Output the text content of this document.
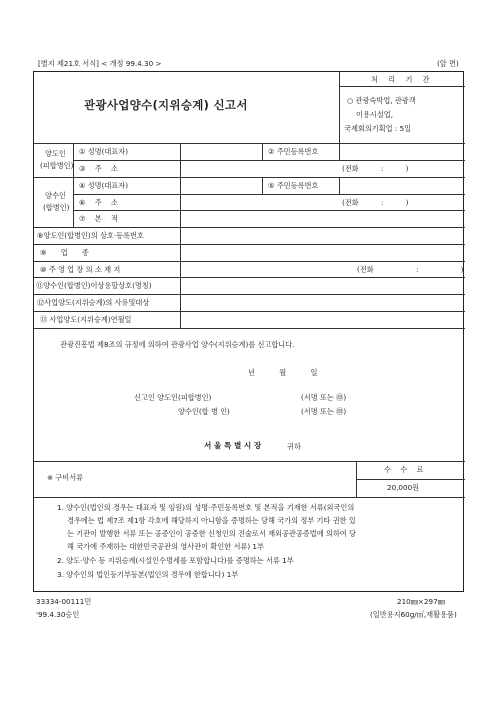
[별지 제21호 서식] < 개정 99.4.30 >	(앞 면)
관광사업양수(지위승계) 신고서
처 리 기 간
○ 관광숙박업, 관광객
이용시설업,
국제회의기획업 : 5일
양도인
(피합병인)
① 성명(대표자)	② 주민등록번호
③ 주 소	(전화 : )
양수인
(합병인)
④ 성명(대표자)	⑤ 주민등록번호
⑥ 주 소	(전화 : )
⑦ 본 적
⑧양도인(합병인)의 상호·등록번호
⑨ 업 종
⑩ 주 영 업 장 의 소 재 지	(전화 : )
⑪양수인(합병인)이상용할상호(명칭)
⑫사업양도(지위승계)의 사유및대상
⑬ 사업양도(지위승계)연월일
관광진흥법 제8조의 규정에 의하여 관광사업 양수(지위승계)를 신고합니다.
년 월 일
신고인 양도인(피합병인)	(서명 또는 ㊞)
양수인(합 병 인)	(서명 또는 ㊞)
서 울 특 별 시 장	귀하
※ 구비서류
수 수 료
20,000원
1. 양수인(법인의 경우는 대표자 및 임원)의 성명·주민등록번호 및 본적을 기재한 서류(외국인의
경우에는 법 제7조 제1항 각호에 해당하지 아니함을 증명하는 당해 국가의 정부 기타 권한 있
는 기관이 발행한 서류 또는 공증인이 공증한 신청인의 진술로서 재외공관공증법에 의하여 당
해 국가에 주재하는 대한민국공관의 영사관이 확인한 서류) 1부
2. 양도·양수 등 지위승계(시설인수명세를 포함합니다)를 증명하는 서류 1부
3. 양수인의 법인등기부등본(법인의 경우에 한합니다) 1부
33334-00111민
'99.4.30승인
210㎜×297㎜
(일반용지60g/㎡,재활용품)
